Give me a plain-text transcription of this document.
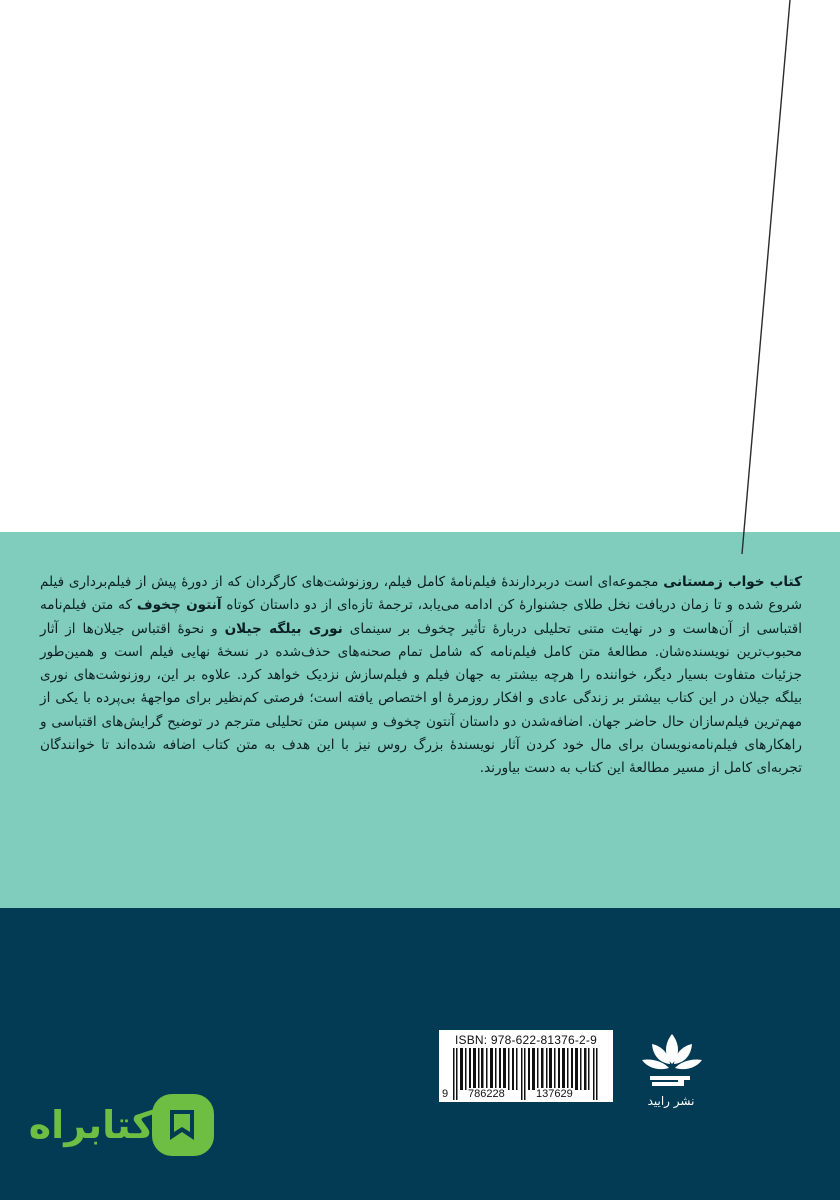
کتاب خواب زمستانی مجموعه‌ای است دربردارندۀ فیلم‌نامۀ کامل فیلم، روزنوشت‌های کارگردان که از دورۀ پیش از فیلم‌برداری فیلم شروع شده و تا زمان دریافت نخل طلای جشنوارۀ کن ادامه می‌یابد، ترجمۀ تازه‌ای از دو داستان کوتاه آنتون چخوف که متن فیلم‌نامه اقتباسی از آن‌هاست و در نهایت متنی تحلیلی دربارۀ تأثیر چخوف بر سینمای نوری بیلگه جیلان و نحوۀ اقتباس جیلان‌ها از آثار محبوب‌ترین نویسنده‌شان. مطالعۀ متن کامل فیلم‌نامه که شامل تمام صحنه‌های حذف‌شده در نسخۀ نهایی فیلم است و همین‌طور جزئیات متفاوت بسیار دیگر، خواننده را هرچه بیشتر به جهان فیلم و فیلم‌سازش نزدیک خواهد کرد. علاوه بر این، روزنوشت‌های نوری بیلگه جیلان در این کتاب بیشتر بر زندگی عادی و افکار روزمرۀ او اختصاص یافته است؛ فرصتی کم‌نظیر برای مواجهۀ بی‌پرده با یکی از مهم‌ترین فیلم‌سازان حال حاضر جهان. اضافه‌شدن دو داستان آنتون چخوف و سپس متن تحلیلی مترجم در توضیح گرایش‌های اقتباسی و راهکارهای فیلم‌نامه‌نویسان برای مال خود کردن آثار نویسندۀ بزرگ روس نیز با این هدف به متن کتاب اضافه شده‌اند تا خوانندگان تجربه‌ای کامل از مسیر مطالعۀ این کتاب به دست بیاورند.

ISBN: 978-622-81376-2-9
9 786228	137629	نشر رایید
کتابراه
